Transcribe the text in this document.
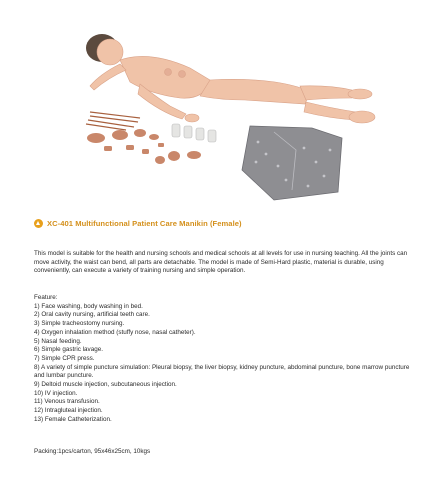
XC-401 Multifunctional Patient Care Manikin (Female)

This model is suitable for the health and nursing schools and medical schools at all levels for use in nursing teaching. All the joints can move activity, the waist can bend, all parts are detachable. The model is made of Semi-Hard plastic, material is durable, using conveniently, can execute a variety of training nursing and simple operation.

Feature:

1) Face washing, body washing in bed.
2) Oral cavity nursing, artificial teeth care.
3) Simple tracheostomy nursing.
4) Oxygen inhalation method (stuffy nose, nasal catheter).
5) Nasal feeding.
6) Simple gastric lavage.
7) Simple CPR press.
8) A variety of simple puncture simulation: Pleural biopsy, the liver biopsy, kidney puncture, abdominal puncture, bone marrow puncture and lumbar puncture.
9) Deltoid muscle injection, subcutaneous injection.
10) IV injection.
11) Venous transfusion.
12) Intragluteal injection.
13) Female Catheterization.

Packing:1pcs/carton, 95x46x25cm, 10kgs
